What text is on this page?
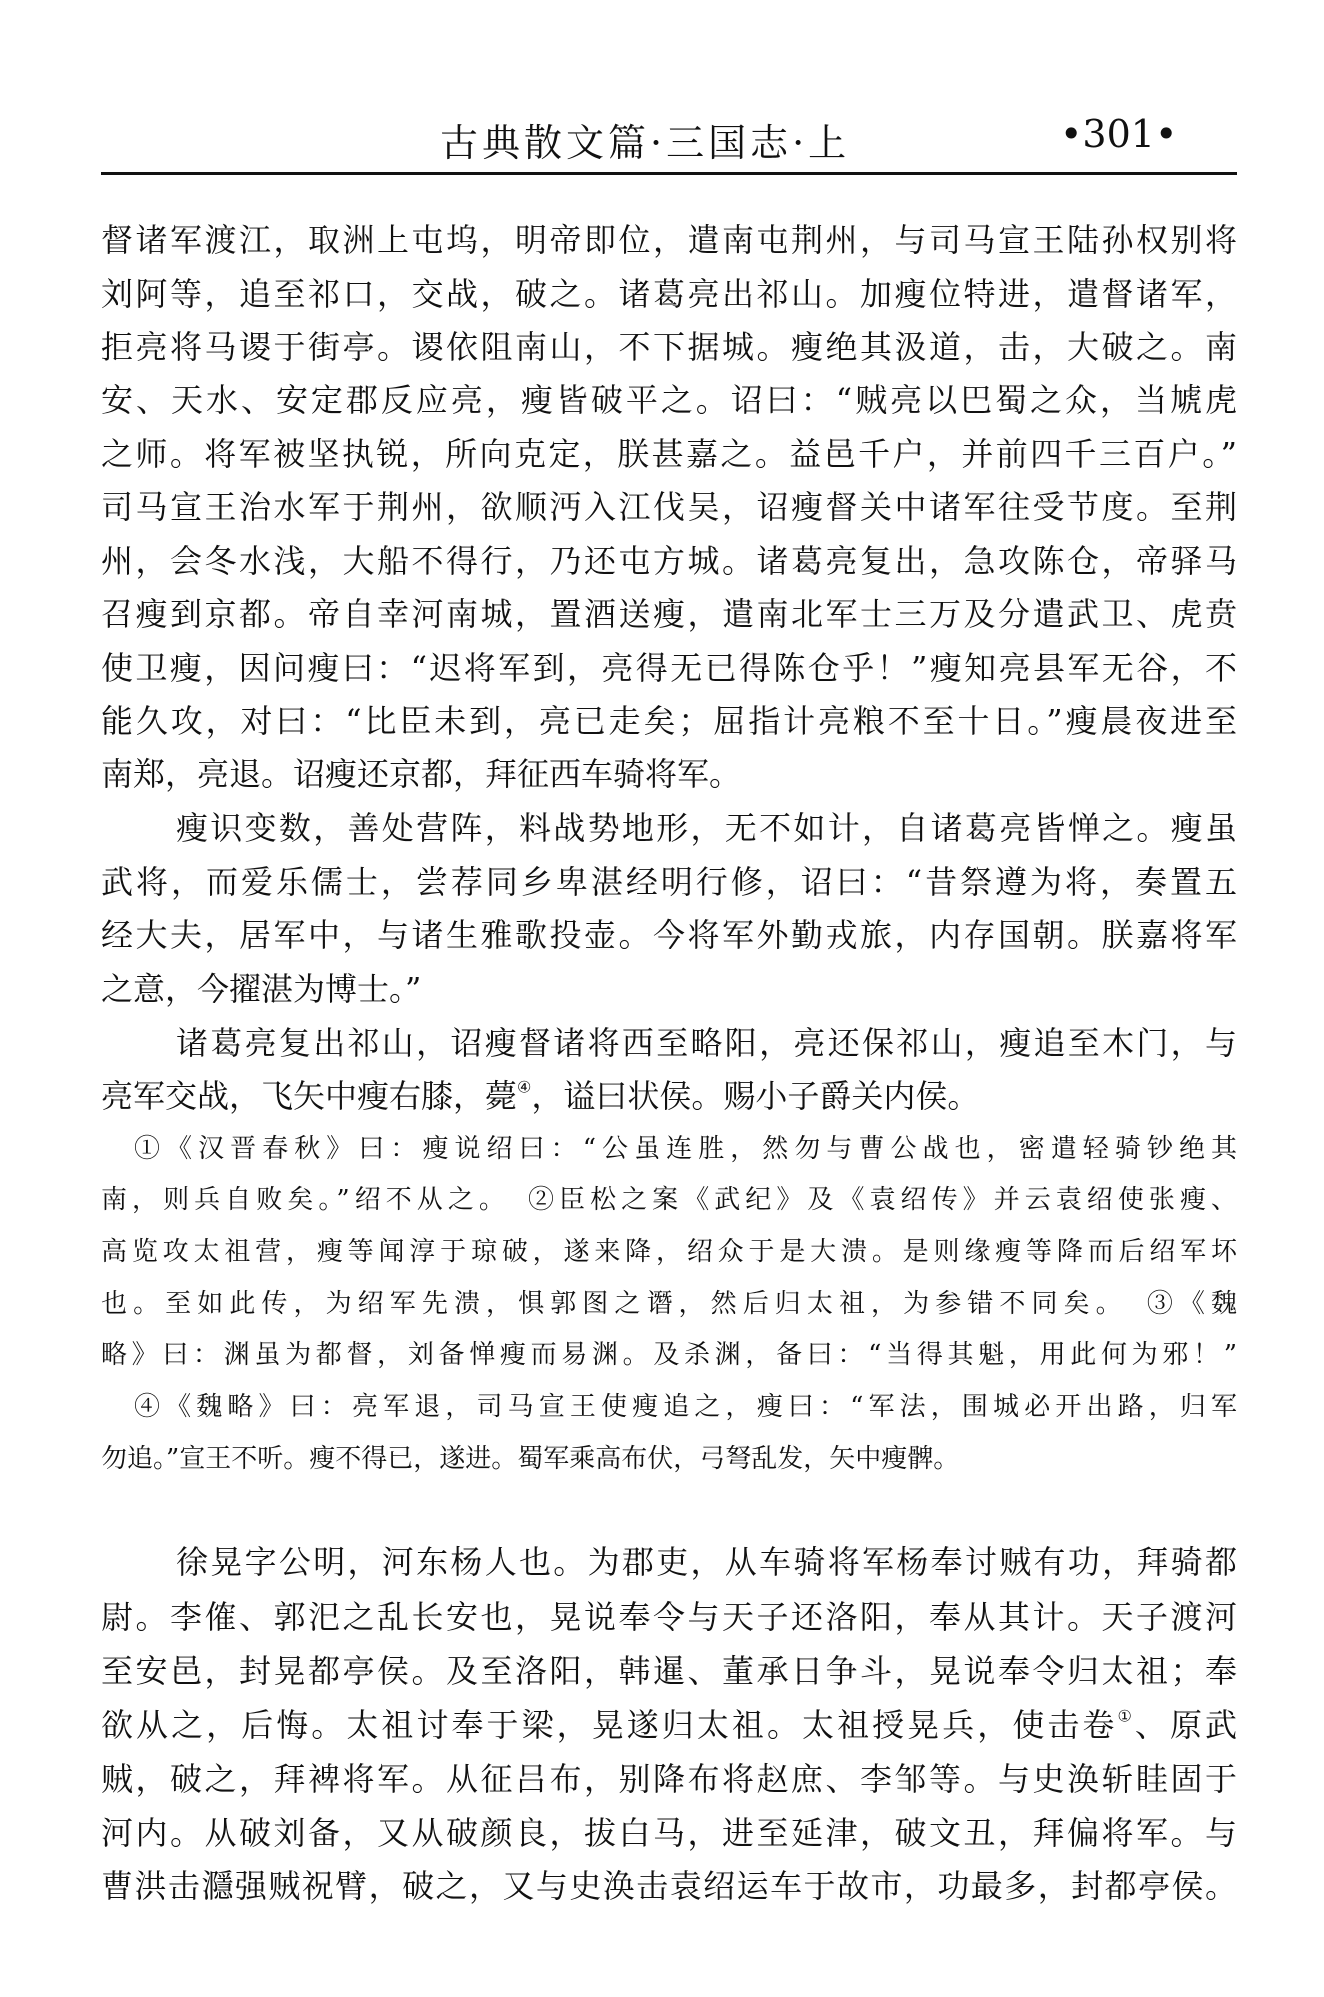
古典散文篇·三国志·上	•301•
督诸军渡江，取洲上屯坞，明帝即位，遣南屯荆州，与司马宣王陆孙权别将
刘阿等，追至祁口，交战，破之。诸葛亮出祁山。加瘦位特进，遣督诸军，
拒亮将马谡于街亭。谡依阻南山，不下据城。瘦绝其汲道，击，大破之。南
安、天水、安定郡反应亮，瘦皆破平之。诏曰：“贼亮以巴蜀之众，当虓虎
之师。将军被坚执锐，所向克定，朕甚嘉之。益邑千户，并前四千三百户。”
司马宣王治水军于荆州，欲顺沔入江伐吴，诏瘦督关中诸军往受节度。至荆
州，会冬水浅，大船不得行，乃还屯方城。诸葛亮复出，急攻陈仓，帝驿马
召瘦到京都。帝自幸河南城，置酒送瘦，遣南北军士三万及分遣武卫、虎贲
使卫瘦，因问瘦曰：“迟将军到，亮得无已得陈仓乎！”瘦知亮县军无谷，不
能久攻，对曰：“比臣未到，亮已走矣；屈指计亮粮不至十日。”瘦晨夜进至
南郑，亮退。诏瘦还京都，拜征西车骑将军。
瘦识变数，善处营阵，料战势地形，无不如计，自诸葛亮皆惮之。瘦虽
武将，而爱乐儒士，尝荐同乡卑湛经明行修，诏曰：“昔祭遵为将，奏置五
经大夫，居军中，与诸生雅歌投壶。今将军外勤戎旅，内存国朝。朕嘉将军
之意，今擢湛为博士。”
诸葛亮复出祁山，诏瘦督诸将西至略阳，亮还保祁山，瘦追至木门，与
亮军交战，飞矢中瘦右膝，薨④，谥曰状侯。赐小子爵关内侯。
①《汉晋春秋》曰：瘦说绍曰：“公虽连胜，然勿与曹公战也，密遣轻骑钞绝其
南，则兵自败矣。”绍不从之。　②臣松之案《武纪》及《袁绍传》并云袁绍使张瘦、
高览攻太祖营，瘦等闻淳于琼破，遂来降，绍众于是大溃。是则缘瘦等降而后绍军坏
也。至如此传，为绍军先溃，惧郭图之谮，然后归太祖，为参错不同矣。　③《魏
略》曰：渊虽为都督，刘备惮瘦而易渊。及杀渊，备曰：“当得其魁，用此何为邪！”
④《魏略》曰：亮军退，司马宣王使瘦追之，瘦曰：“军法，围城必开出路，归军
勿追。”宣王不听。瘦不得已，遂进。蜀军乘高布伏，弓弩乱发，矢中瘦髀。
徐晃字公明，河东杨人也。为郡吏，从车骑将军杨奉讨贼有功，拜骑都
尉。李傕、郭汜之乱长安也，晃说奉令与天子还洛阳，奉从其计。天子渡河
至安邑，封晃都亭侯。及至洛阳，韩暹、董承日争斗，晃说奉令归太祖；奉
欲从之，后悔。太祖讨奉于梁，晃遂归太祖。太祖授晃兵，使击卷①、原武
贼，破之，拜裨将军。从征吕布，别降布将赵庶、李邹等。与史涣斩眭固于
河内。从破刘备，又从破颜良，拔白马，进至延津，破文丑，拜偏将军。与
曹洪击㶏强贼祝臂，破之，又与史涣击袁绍运车于故市，功最多，封都亭侯。
